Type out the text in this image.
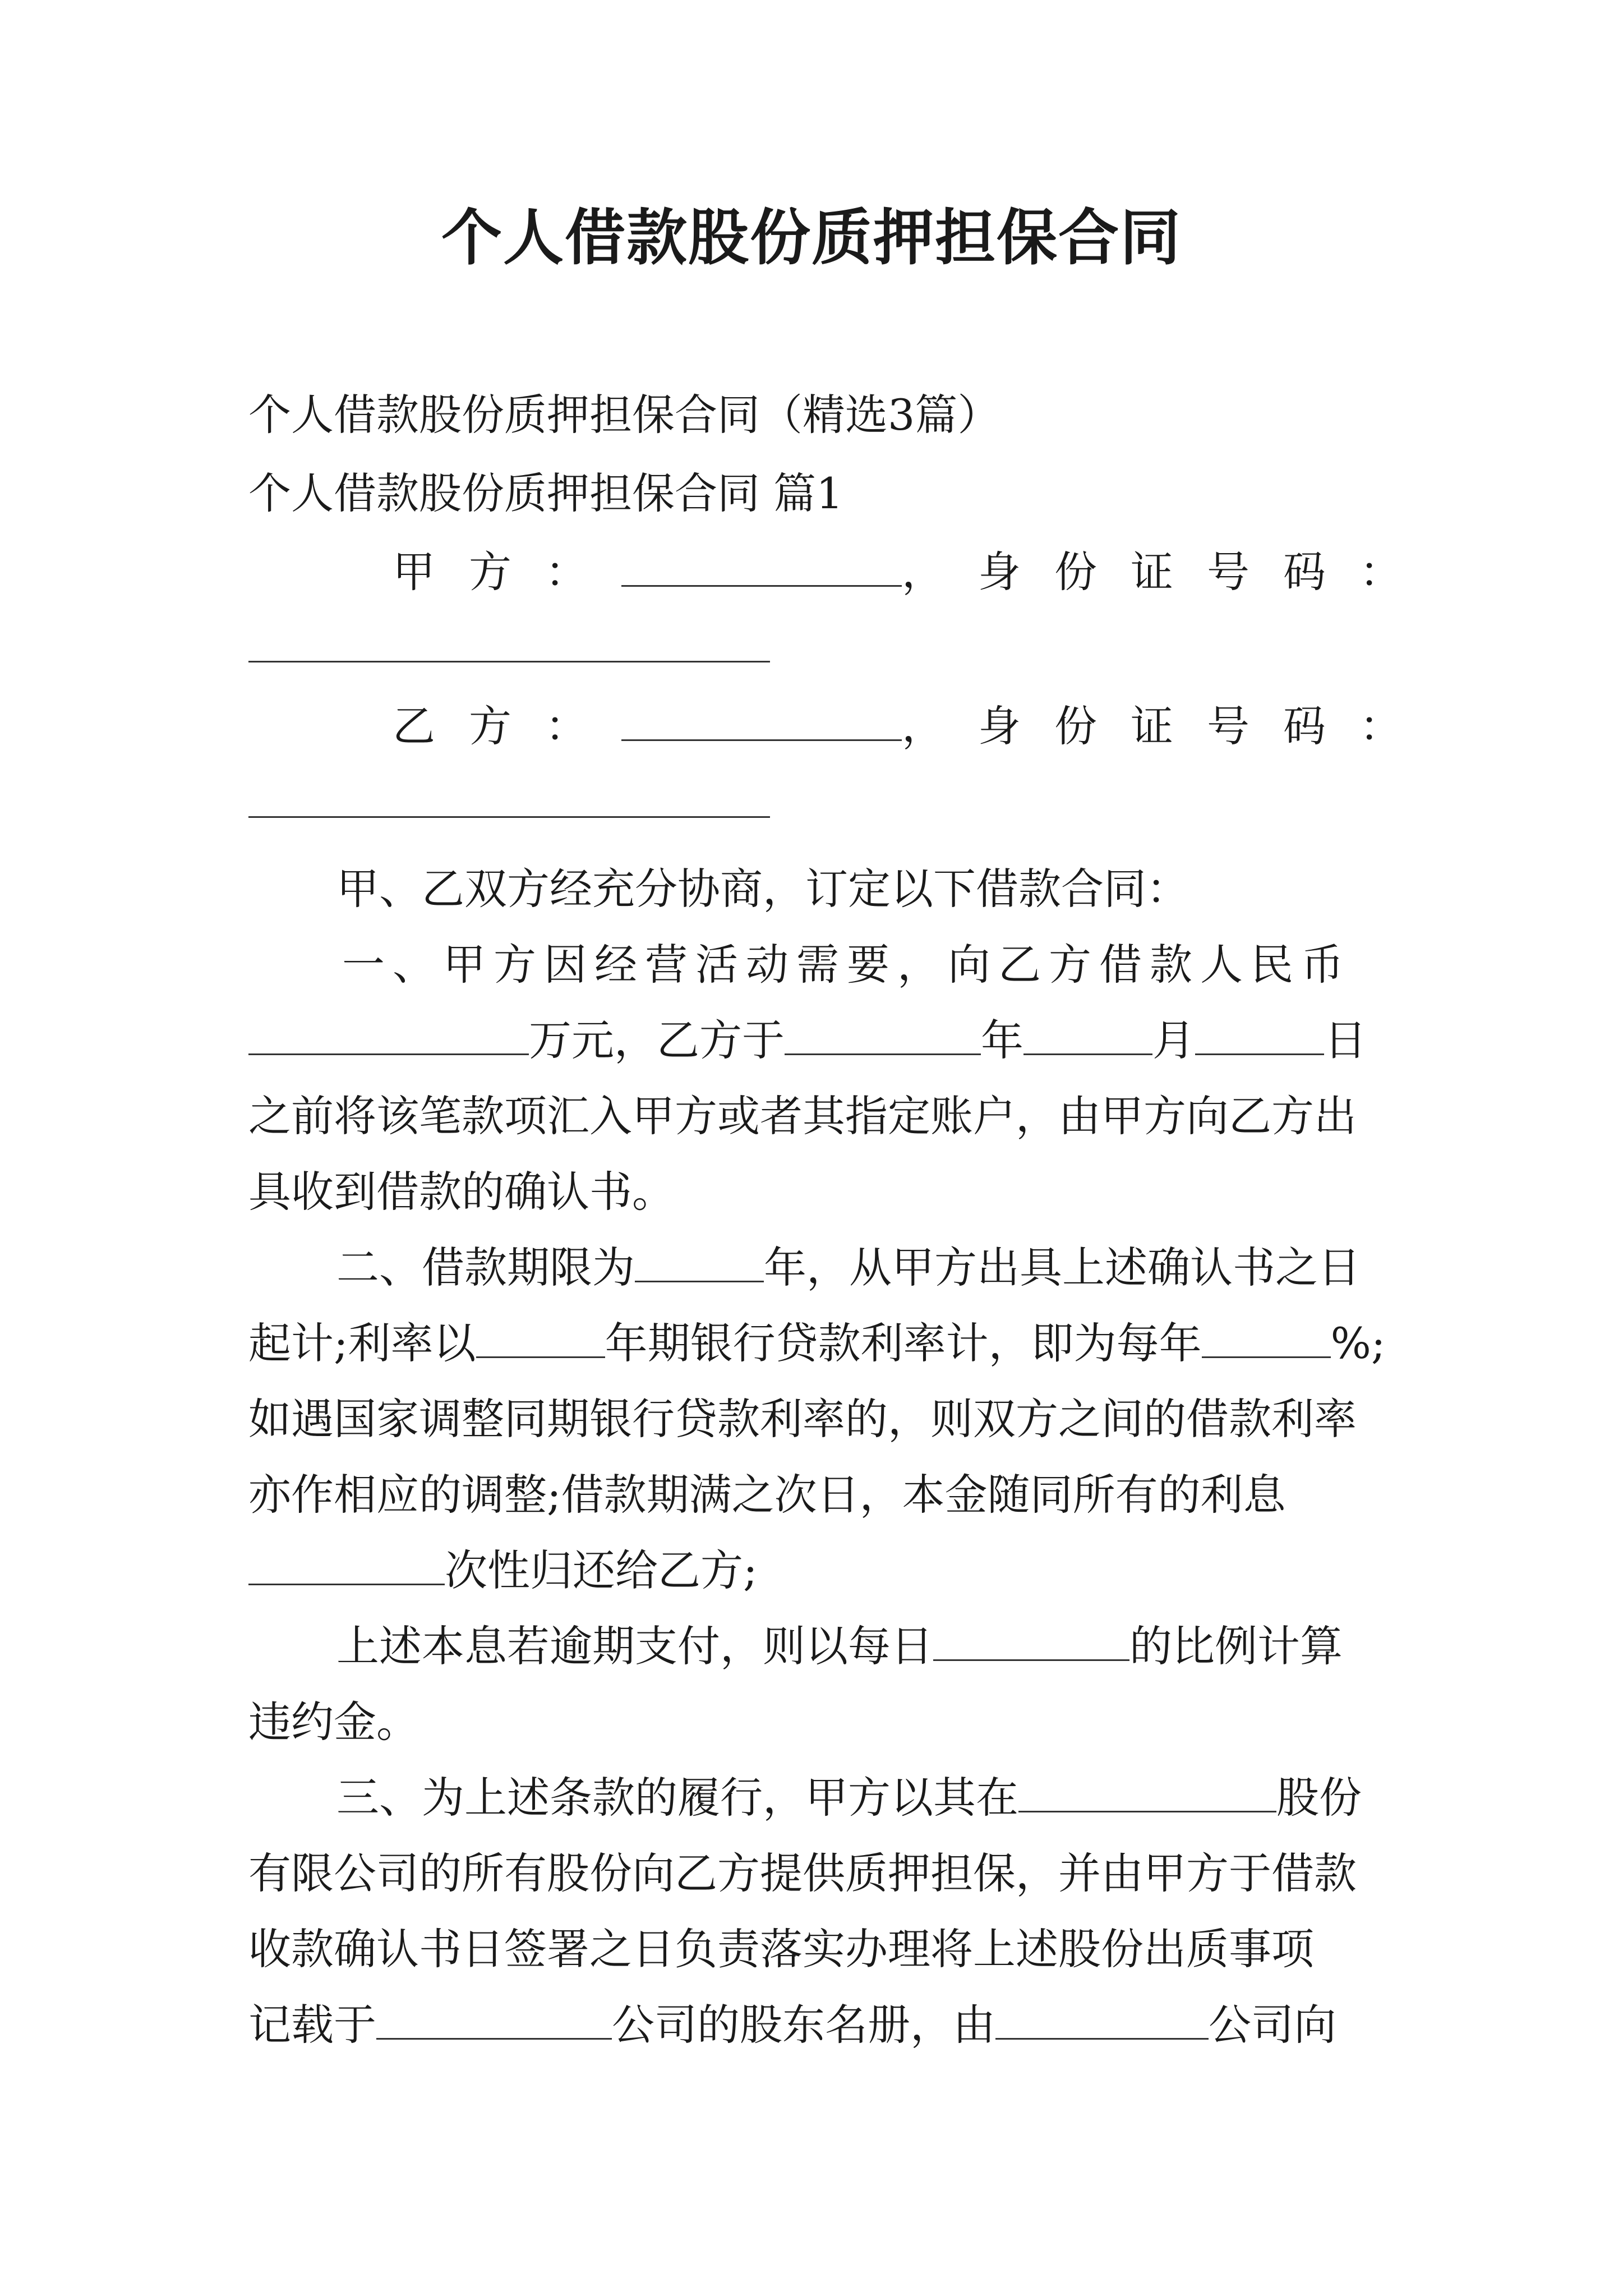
个人借款股份质押担保合同
个人借款股份质押担保合同（精选3篇）
个人借款股份质押担保合同 篇1
甲方：	，身份证号码：
乙方：	，身份证号码：
甲、乙双方经充分协商，订定以下借款合同：
一、甲方因经营活动需要，向乙方借款人民币
万元，乙方于	年	月	日
之前将该笔款项汇入甲方或者其指定账户，由甲方向乙方出
具收到借款的确认书。
二、借款期限为	年，从甲方出具上述确认书之日
起计;利率以	年期银行贷款利率计，即为每年	%;
如遇国家调整同期银行贷款利率的，则双方之间的借款利率
亦作相应的调整;借款期满之次日，本金随同所有的利息
次性归还给乙方;
上述本息若逾期支付，则以每日	的比例计算
违约金。
三、为上述条款的履行，甲方以其在	股份
有限公司的所有股份向乙方提供质押担保，并由甲方于借款
收款确认书日签署之日负责落实办理将上述股份出质事项
记载于	公司的股东名册，由	公司向
